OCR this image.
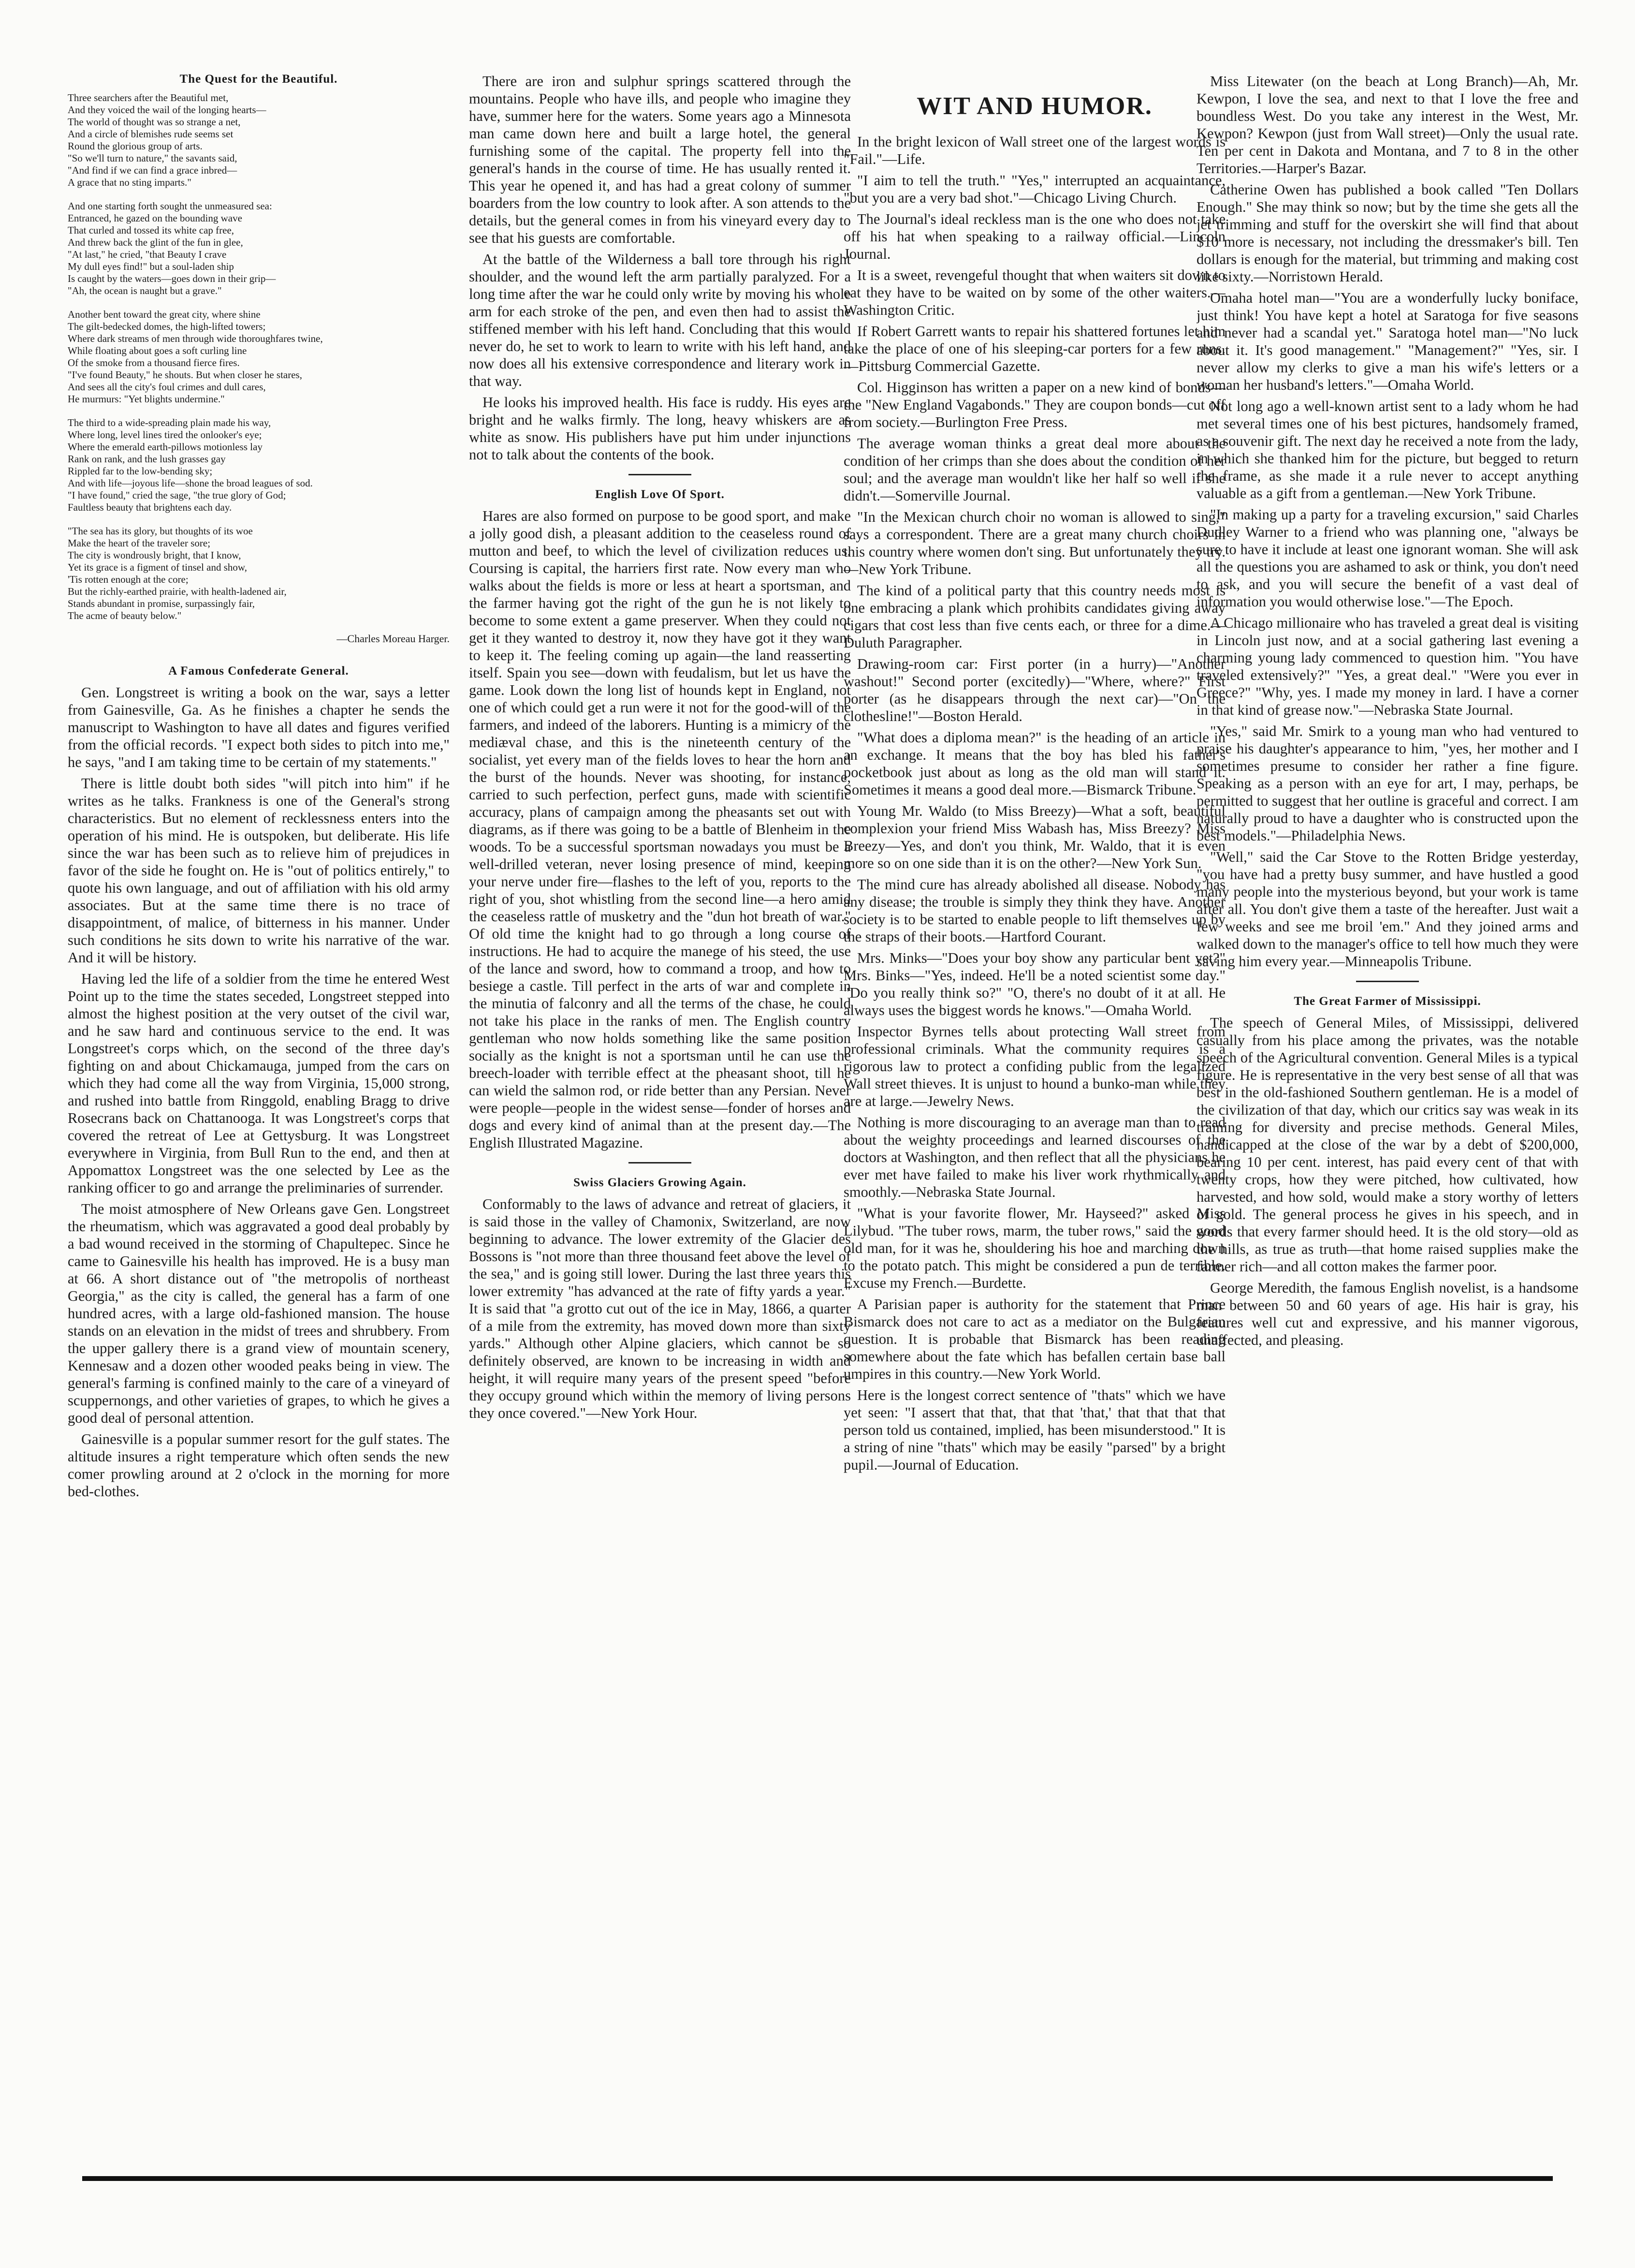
The Quest for the Beautiful.
Three searchers after the Beautiful met,
And they voiced the wail of the longing hearts—
The world of thought was so strange a net,
And a circle of blemishes rude seems set
Round the glorious group of arts.
"So we'll turn to nature," the savants said,
"And find if we can find a grace inbred—
A grace that no sting imparts."
And one starting forth sought the unmeasured sea:
Entranced, he gazed on the bounding wave
That curled and tossed its white cap free,
And threw back the glint of the fun in glee,
"At last," he cried, "that Beauty I crave
My dull eyes find!" but a soul-laden ship
Is caught by the waters—goes down in their grip—
"Ah, the ocean is naught but a grave."
Another bent toward the great city, where shine
The gilt-bedecked domes, the high-lifted towers;
Where dark streams of men through wide thoroughfares twine,
While floating about goes a soft curling line
Of the smoke from a thousand fierce fires.
"I've found Beauty," he shouts. But when closer he stares,
And sees all the city's foul crimes and dull cares,
He murmurs: "Yet blights undermine."
The third to a wide-spreading plain made his way,
Where long, level lines tired the onlooker's eye;
Where the emerald earth-pillows motionless lay
Rank on rank, and the lush grasses gay
Rippled far to the low-bending sky;
And with life—joyous life—shone the broad leagues of sod.
"I have found," cried the sage, "the true glory of God;
Faultless beauty that brightens each day.
"The sea has its glory, but thoughts of its woe
Make the heart of the traveler sore;
The city is wondrously bright, that I know,
Yet its grace is a figment of tinsel and show,
'Tis rotten enough at the core;
But the richly-earthed prairie, with health-ladened air,
Stands abundant in promise, surpassingly fair,
The acme of beauty below."
—Charles Moreau Harger.
A Famous Confederate General.
Gen. Longstreet is writing a book on the war, says a letter from Gainesville, Ga. As he finishes a chapter he sends the manuscript to Washington to have all dates and figures verified from the official records. "I expect both sides to pitch into me," he says, "and I am taking time to be certain of my statements."
There is little doubt both sides "will pitch into him" if he writes as he talks. Frankness is one of the General's strong characteristics. But no element of recklessness enters into the operation of his mind. He is outspoken, but deliberate. His life since the war has been such as to relieve him of prejudices in favor of the side he fought on. He is "out of politics entirely," to quote his own language, and out of affiliation with his old army associates. But at the same time there is no trace of disappointment, of malice, of bitterness in his manner. Under such conditions he sits down to write his narrative of the war. And it will be history.
Having led the life of a soldier from the time he entered West Point up to the time the states seceded, Longstreet stepped into almost the highest position at the very outset of the civil war, and he saw hard and continuous service to the end. It was Longstreet's corps which, on the second of the three day's fighting on and about Chickamauga, jumped from the cars on which they had come all the way from Virginia, 15,000 strong, and rushed into battle from Ringgold, enabling Bragg to drive Rosecrans back on Chattanooga. It was Longstreet's corps that covered the retreat of Lee at Gettysburg. It was Longstreet everywhere in Virginia, from Bull Run to the end, and then at Appomattox Longstreet was the one selected by Lee as the ranking officer to go and arrange the preliminaries of surrender.
The moist atmosphere of New Orleans gave Gen. Longstreet the rheumatism, which was aggravated a good deal probably by a bad wound received in the storming of Chapultepec. Since he came to Gainesville his health has improved. He is a busy man at 66. A short distance out of "the metropolis of northeast Georgia," as the city is called, the general has a farm of one hundred acres, with a large old-fashioned mansion. The house stands on an elevation in the midst of trees and shrubbery. From the upper gallery there is a grand view of mountain scenery, Kennesaw and a dozen other wooded peaks being in view. The general's farming is confined mainly to the care of a vineyard of scuppernongs, and other varieties of grapes, to which he gives a good deal of personal attention.
Gainesville is a popular summer resort for the gulf states. The altitude insures a right temperature which often sends the new comer prowling around at 2 o'clock in the morning for more bed-clothes.
There are iron and sulphur springs scattered through the mountains. People who have ills, and people who imagine they have, summer here for the waters. Some years ago a Minnesota man came down here and built a large hotel, the general furnishing some of the capital. The property fell into the general's hands in the course of time. He has usually rented it. This year he opened it, and has had a great colony of summer boarders from the low country to look after. A son attends to the details, but the general comes in from his vineyard every day to see that his guests are comfortable.
At the battle of the Wilderness a ball tore through his right shoulder, and the wound left the arm partially paralyzed. For a long time after the war he could only write by moving his whole arm for each stroke of the pen, and even then had to assist the stiffened member with his left hand. Concluding that this would never do, he set to work to learn to write with his left hand, and now does all his extensive correspondence and literary work in that way.
He looks his improved health. His face is ruddy. His eyes are bright and he walks firmly. The long, heavy whiskers are as white as snow. His publishers have put him under injunctions not to talk about the contents of the book.
English Love Of Sport.
Hares are also formed on purpose to be good sport, and make a jolly good dish, a pleasant addition to the ceaseless round of mutton and beef, to which the level of civilization reduces us. Coursing is capital, the harriers first rate. Now every man who walks about the fields is more or less at heart a sportsman, and the farmer having got the right of the gun he is not likely to become to some extent a game preserver. When they could not get it they wanted to destroy it, now they have got it they want to keep it. The feeling coming up again—the land reasserting itself. Spain you see—down with feudalism, but let us have the game. Look down the long list of hounds kept in England, not one of which could get a run were it not for the good-will of the farmers, and indeed of the laborers. Hunting is a mimicry of the mediæval chase, and this is the nineteenth century of the socialist, yet every man of the fields loves to hear the horn and the burst of the hounds. Never was shooting, for instance, carried to such perfection, perfect guns, made with scientific accuracy, plans of campaign among the pheasants set out with diagrams, as if there was going to be a battle of Blenheim in the woods. To be a successful sportsman nowadays you must be a well-drilled veteran, never losing presence of mind, keeping your nerve under fire—flashes to the left of you, reports to the right of you, shot whistling from the second line—a hero amid the ceaseless rattle of musketry and the "dun hot breath of war." Of old time the knight had to go through a long course of instructions. He had to acquire the manege of his steed, the use of the lance and sword, how to command a troop, and how to besiege a castle. Till perfect in the arts of war and complete in the minutia of falconry and all the terms of the chase, he could not take his place in the ranks of men. The English country gentleman who now holds something like the same position socially as the knight is not a sportsman until he can use the breech-loader with terrible effect at the pheasant shoot, till he can wield the salmon rod, or ride better than any Persian. Never were people—people in the widest sense—fonder of horses and dogs and every kind of animal than at the present day.—The English Illustrated Magazine.
Swiss Glaciers Growing Again.
Conformably to the laws of advance and retreat of glaciers, it is said those in the valley of Chamonix, Switzerland, are now beginning to advance. The lower extremity of the Glacier des Bossons is "not more than three thousand feet above the level of the sea," and is going still lower. During the last three years this lower extremity "has advanced at the rate of fifty yards a year." It is said that "a grotto cut out of the ice in May, 1866, a quarter of a mile from the extremity, has moved down more than sixty yards." Although other Alpine glaciers, which cannot be so definitely observed, are known to be increasing in width and height, it will require many years of the present speed "before they occupy ground which within the memory of living persons they once covered."—New York Hour.
WIT AND HUMOR.
In the bright lexicon of Wall street one of the largest words is "Fail."—Life.
"I aim to tell the truth." "Yes," interrupted an acquaintance, "but you are a very bad shot."—Chicago Living Church.
The Journal's ideal reckless man is the one who does not take off his hat when speaking to a railway official.—Lincoln Journal.
It is a sweet, revengeful thought that when waiters sit down to eat they have to be waited on by some of the other waiters.—Washington Critic.
If Robert Garrett wants to repair his shattered fortunes let him take the place of one of his sleeping-car porters for a few runs.—Pittsburg Commercial Gazette.
Col. Higginson has written a paper on a new kind of bonds—the "New England Vagabonds." They are coupon bonds—cut off from society.—Burlington Free Press.
The average woman thinks a great deal more about the condition of her crimps than she does about the condition of her soul; and the average man wouldn't like her half so well if she didn't.—Somerville Journal.
"In the Mexican church choir no woman is allowed to sing," says a correspondent. There are a great many church choirs in this country where women don't sing. But unfortunately they try.—New York Tribune.
The kind of a political party that this country needs most is one embracing a plank which prohibits candidates giving away cigars that cost less than five cents each, or three for a dime.—Duluth Paragrapher.
Drawing-room car: First porter (in a hurry)—"Another washout!" Second porter (excitedly)—"Where, where?" First porter (as he disappears through the next car)—"On the clothesline!"—Boston Herald.
"What does a diploma mean?" is the heading of an article in an exchange. It means that the boy has bled his father's pocketbook just about as long as the old man will stand it. Sometimes it means a good deal more.—Bismarck Tribune.
Young Mr. Waldo (to Miss Breezy)—What a soft, beautiful complexion your friend Miss Wabash has, Miss Breezy? Miss Breezy—Yes, and don't you think, Mr. Waldo, that it is even more so on one side than it is on the other?—New York Sun.
The mind cure has already abolished all disease. Nobody has any disease; the trouble is simply they think they have. Another society is to be started to enable people to lift themselves up by the straps of their boots.—Hartford Courant.
Mrs. Minks—"Does your boy show any particular bent yet?" Mrs. Binks—"Yes, indeed. He'll be a noted scientist some day." "Do you really think so?" "O, there's no doubt of it at all. He always uses the biggest words he knows."—Omaha World.
Inspector Byrnes tells about protecting Wall street from professional criminals. What the community requires is a rigorous law to protect a confiding public from the legalized Wall street thieves. It is unjust to hound a bunko-man while they are at large.—Jewelry News.
Nothing is more discouraging to an average man than to read about the weighty proceedings and learned discourses of the doctors at Washington, and then reflect that all the physicians he ever met have failed to make his liver work rhythmically and smoothly.—Nebraska State Journal.
"What is your favorite flower, Mr. Hayseed?" asked Miss Lilybud. "The tuber rows, marm, the tuber rows," said the good old man, for it was he, shouldering his hoe and marching down to the potato patch. This might be considered a pun de terrible. Excuse my French.—Burdette.
A Parisian paper is authority for the statement that Prince Bismarck does not care to act as a mediator on the Bulgarian question. It is probable that Bismarck has been reading somewhere about the fate which has befallen certain base ball umpires in this country.—New York World.
Here is the longest correct sentence of "thats" which we have yet seen: "I assert that that, that that 'that,' that that that that person told us contained, implied, has been misunderstood." It is a string of nine "thats" which may be easily "parsed" by a bright pupil.—Journal of Education.
Miss Litewater (on the beach at Long Branch)—Ah, Mr. Kewpon, I love the sea, and next to that I love the free and boundless West. Do you take any interest in the West, Mr. Kewpon? Kewpon (just from Wall street)—Only the usual rate. Ten per cent in Dakota and Montana, and 7 to 8 in the other Territories.—Harper's Bazar.
Catherine Owen has published a book called "Ten Dollars Enough." She may think so now; but by the time she gets all the jet trimming and stuff for the overskirt she will find that about $10 more is necessary, not including the dressmaker's bill. Ten dollars is enough for the material, but trimming and making cost like sixty.—Norristown Herald.
Omaha hotel man—"You are a wonderfully lucky boniface, just think! You have kept a hotel at Saratoga for five seasons and never had a scandal yet." Saratoga hotel man—"No luck about it. It's good management." "Management?" "Yes, sir. I never allow my clerks to give a man his wife's letters or a woman her husband's letters."—Omaha World.
Not long ago a well-known artist sent to a lady whom he had met several times one of his best pictures, handsomely framed, as a souvenir gift. The next day he received a note from the lady, in which she thanked him for the picture, but begged to return the frame, as she made it a rule never to accept anything valuable as a gift from a gentleman.—New York Tribune.
"In making up a party for a traveling excursion," said Charles Dudley Warner to a friend who was planning one, "always be sure to have it include at least one ignorant woman. She will ask all the questions you are ashamed to ask or think, you don't need to ask, and you will secure the benefit of a vast deal of information you would otherwise lose."—The Epoch.
A Chicago millionaire who has traveled a great deal is visiting in Lincoln just now, and at a social gathering last evening a charming young lady commenced to question him. "You have traveled extensively?" "Yes, a great deal." "Were you ever in Greece?" "Why, yes. I made my money in lard. I have a corner in that kind of grease now."—Nebraska State Journal.
"Yes," said Mr. Smirk to a young man who had ventured to praise his daughter's appearance to him, "yes, her mother and I sometimes presume to consider her rather a fine figure. Speaking as a person with an eye for art, I may, perhaps, be permitted to suggest that her outline is graceful and correct. I am naturally proud to have a daughter who is constructed upon the best models."—Philadelphia News.
"Well," said the Car Stove to the Rotten Bridge yesterday, "you have had a pretty busy summer, and have hustled a good many people into the mysterious beyond, but your work is tame after all. You don't give them a taste of the hereafter. Just wait a few weeks and see me broil 'em." And they joined arms and walked down to the manager's office to tell how much they were saving him every year.—Minneapolis Tribune.
The Great Farmer of Mississippi.
The speech of General Miles, of Mississippi, delivered casually from his place among the privates, was the notable speech of the Agricultural convention. General Miles is a typical figure. He is representative in the very best sense of all that was best in the old-fashioned Southern gentleman. He is a model of the civilization of that day, which our critics say was weak in its training for diversity and precise methods. General Miles, handicapped at the close of the war by a debt of $200,000, bearing 10 per cent. interest, has paid every cent of that with twenty crops, how they were pitched, how cultivated, how harvested, and how sold, would make a story worthy of letters of gold. The general process he gives in his speech, and in words that every farmer should heed. It is the old story—old as the hills, as true as truth—that home raised supplies make the farmer rich—and all cotton makes the farmer poor.
George Meredith, the famous English novelist, is a handsome man between 50 and 60 years of age. His hair is gray, his features well cut and expressive, and his manner vigorous, unaffected, and pleasing.
